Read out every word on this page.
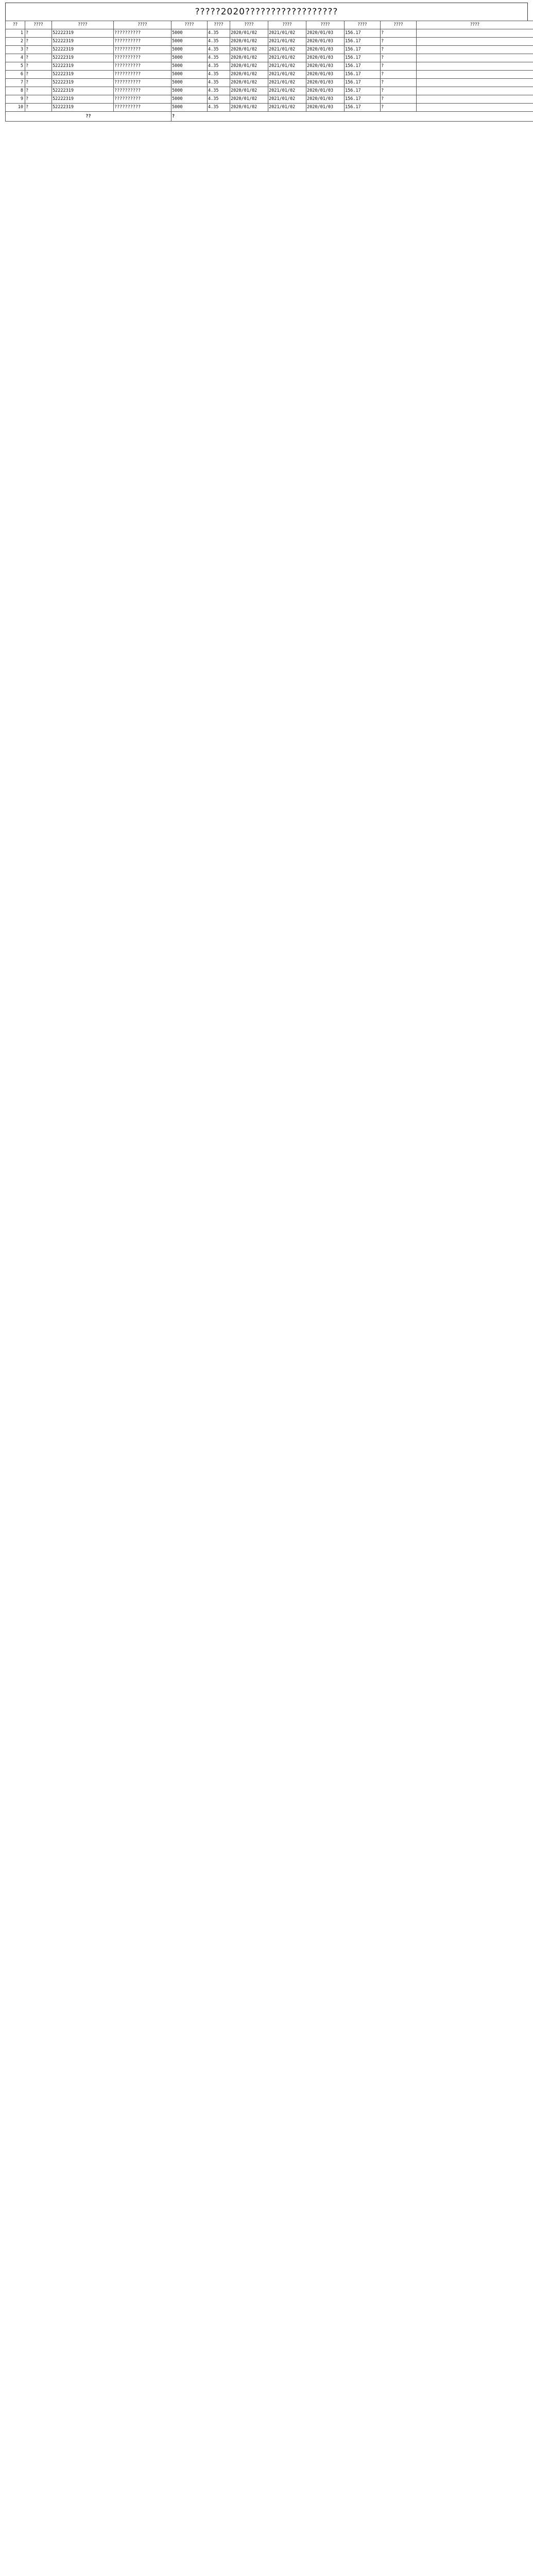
?????2020??????????????????
??	????	????	????	????	????	????	????	????	????	????	????
1	?	52222319	??????????	5000	4.35	2020/01/02	2021/01/02	2020/01/03	156.17	?	
2	?	52222319	??????????	5000	4.35	2020/01/02	2021/01/02	2020/01/03	156.17	?	
3	?	52222319	??????????	5000	4.35	2020/01/02	2021/01/02	2020/01/03	156.17	?	
4	?	52222319	??????????	5000	4.35	2020/01/02	2021/01/02	2020/01/03	156.17	?	
5	?	52222319	??????????	5000	4.35	2020/01/02	2021/01/02	2020/01/03	156.17	?	
6	?	52222319	??????????	5000	4.35	2020/01/02	2021/01/02	2020/01/03	156.17	?	
7	?	52222319	??????????	5000	4.35	2020/01/02	2021/01/02	2020/01/03	156.17	?	
8	?	52222319	??????????	5000	4.35	2020/01/02	2021/01/02	2020/01/03	156.17	?	
9	?	52222319	??????????	5000	4.35	2020/01/02	2021/01/02	2020/01/03	156.17	?	
10	?	52222319	??????????	5000	4.35	2020/01/02	2021/01/02	2020/01/03	156.17	?	
??				?							
